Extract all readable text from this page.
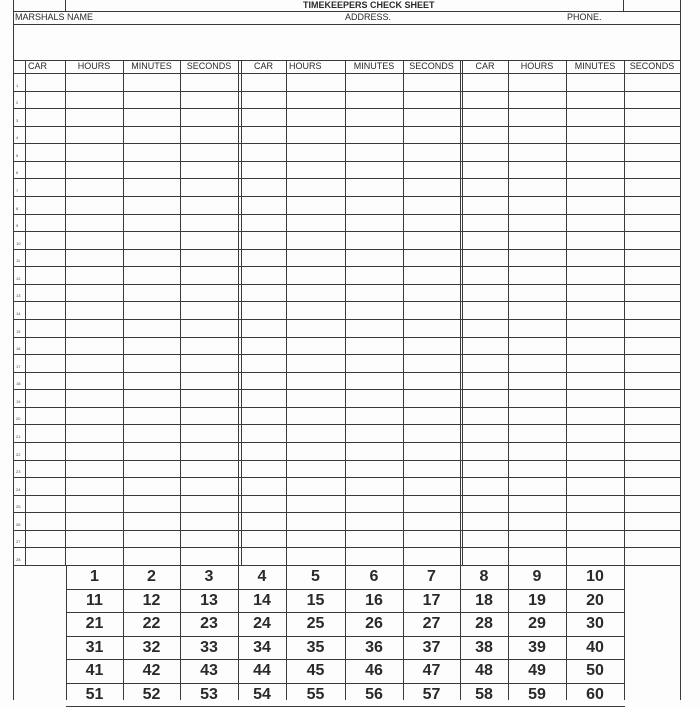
TIMEKEEPERS CHECK SHEET
MARSHALS NAME	ADDRESS.	PHONE.
CAR	HOURS	MINUTES	SECONDS	CAR	HOURS	MINUTES	SECONDS	CAR	HOURS	MINUTES	SECONDS
1
2
3
4
5
6
7
8
9
10
11
12
13
14
15
16
17
18
19
20
21
22
23
24
25
26
27
28
1	2	3	4	5	6	7	8	9	10
11	12	13	14	15	16	17	18	19	20
21	22	23	24	25	26	27	28	29	30
31	32	33	34	35	36	37	38	39	40
41	42	43	44	45	46	47	48	49	50
51	52	53	54	55	56	57	58	59	60
